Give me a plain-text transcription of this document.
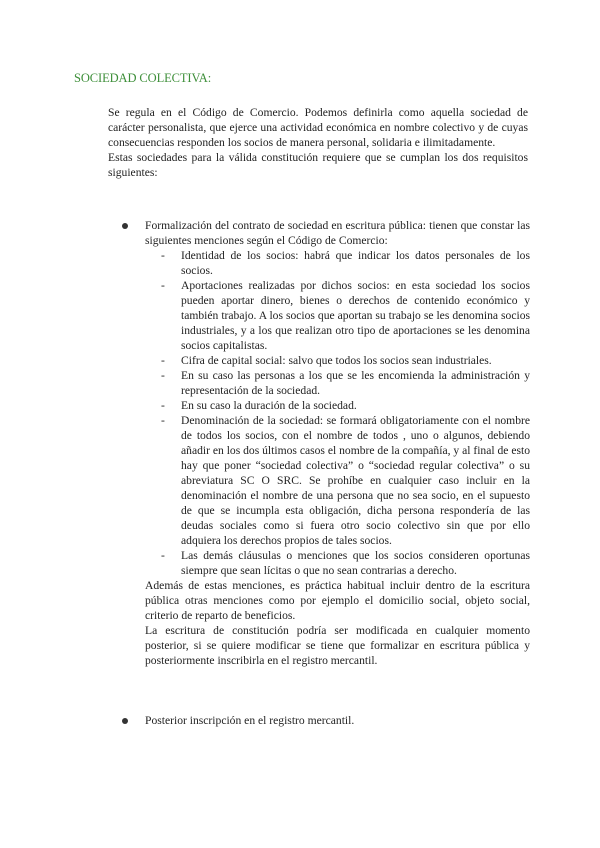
SOCIEDAD COLECTIVA:

Se regula en el Código de Comercio. Podemos definirla como aquella sociedad de carácter personalista, que ejerce una actividad económica en nombre colectivo y de cuyas consecuencias responden los socios de manera personal, solidaria e ilimitadamente.

Estas sociedades para la válida constitución requiere que se cumplan los dos requisitos siguientes:

Formalización del contrato de sociedad en escritura pública: tienen que constar las siguientes menciones según el Código de Comercio:
- Identidad de los socios: habrá que indicar los datos personales de los socios.
- Aportaciones realizadas por dichos socios: en esta sociedad los socios pueden aportar dinero, bienes o derechos de contenido económico y también trabajo. A los socios que aportan su trabajo se les denomina socios industriales, y a los que realizan otro tipo de aportaciones se les denomina socios capitalistas.
- Cifra de capital social: salvo que todos los socios sean industriales.
- En su caso las personas a los que se les encomienda la administración y representación de la sociedad.
- En su caso la duración de la sociedad.
- Denominación de la sociedad: se formará obligatoriamente con el nombre de todos los socios, con el nombre de todos , uno o algunos, debiendo añadir en los dos últimos casos el nombre de la compañía, y al final de esto hay que poner “sociedad colectiva” o “sociedad regular colectiva” o su abreviatura SC O SRC. Se prohíbe en cualquier caso incluir en la denominación el nombre de una persona que no sea socio, en el supuesto de que se incumpla esta obligación, dicha persona respondería de las deudas sociales como si fuera otro socio colectivo sin que por ello adquiera los derechos propios de tales socios.
- Las demás cláusulas o menciones que los socios consideren oportunas siempre que sean lícitas o que no sean contrarias a derecho.

Además de estas menciones, es práctica habitual incluir dentro de la escritura pública otras menciones como por ejemplo el domicilio social, objeto social, criterio de reparto de beneficios.

La escritura de constitución podría ser modificada en cualquier momento posterior, si se quiere modificar se tiene que formalizar en escritura pública y posteriormente inscribirla en el registro mercantil.

Posterior inscripción en el registro mercantil.
